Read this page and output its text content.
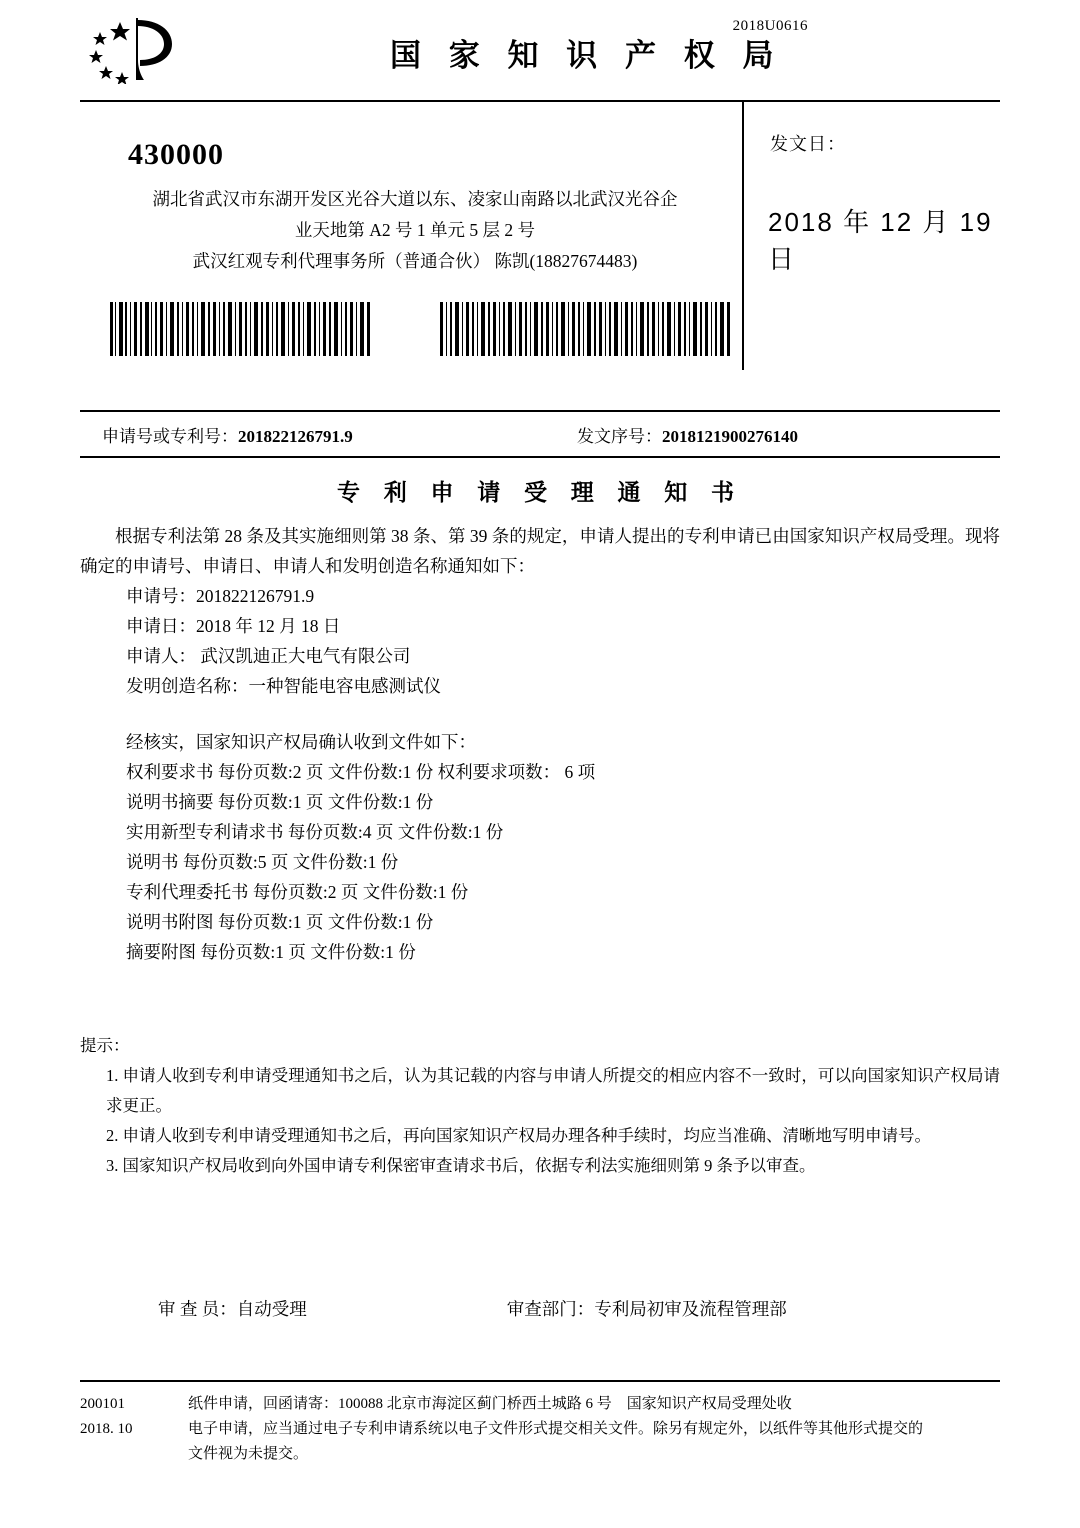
2018U0616
国 家 知 识 产 权 局
430000
湖北省武汉市东湖开发区光谷大道以东、凌家山南路以北武汉光谷企
业天地第 A2 号 1 单元 5 层 2 号
武汉红观专利代理事务所（普通合伙） 陈凯(18827674483)
发文日：
2018 年 12 月 19 日
申请号或专利号：201822126791.9	发文序号：2018121900276140
专 利 申 请 受 理 通 知 书
根据专利法第 28 条及其实施细则第 38 条、第 39 条的规定，申请人提出的专利申请已由国家知识产权局受理。现将确定的申请号、申请日、申请人和发明创造名称通知如下：
申请号：201822126791.9
申请日：2018 年 12 月 18 日
申请人： 武汉凯迪正大电气有限公司
发明创造名称：一种智能电容电感测试仪
经核实，国家知识产权局确认收到文件如下：
权利要求书 每份页数:2 页 文件份数:1 份 权利要求项数： 6 项
说明书摘要 每份页数:1 页 文件份数:1 份
实用新型专利请求书 每份页数:4 页 文件份数:1 份
说明书 每份页数:5 页 文件份数:1 份
专利代理委托书 每份页数:2 页 文件份数:1 份
说明书附图 每份页数:1 页 文件份数:1 份
摘要附图 每份页数:1 页 文件份数:1 份
提示：
1. 申请人收到专利申请受理通知书之后，认为其记载的内容与申请人所提交的相应内容不一致时，可以向国家知识产权局请求更正。
2. 申请人收到专利申请受理通知书之后，再向国家知识产权局办理各种手续时，均应当准确、清晰地写明申请号。
3. 国家知识产权局收到向外国申请专利保密审查请求书后，依据专利法实施细则第 9 条予以审查。
审 查 员：自动受理	审查部门：专利局初审及流程管理部
200101
2018. 10
纸件申请，回函请寄：100088 北京市海淀区蓟门桥西土城路 6 号　国家知识产权局受理处收
电子申请，应当通过电子专利申请系统以电子文件形式提交相关文件。除另有规定外，以纸件等其他形式提交的
文件视为未提交。
